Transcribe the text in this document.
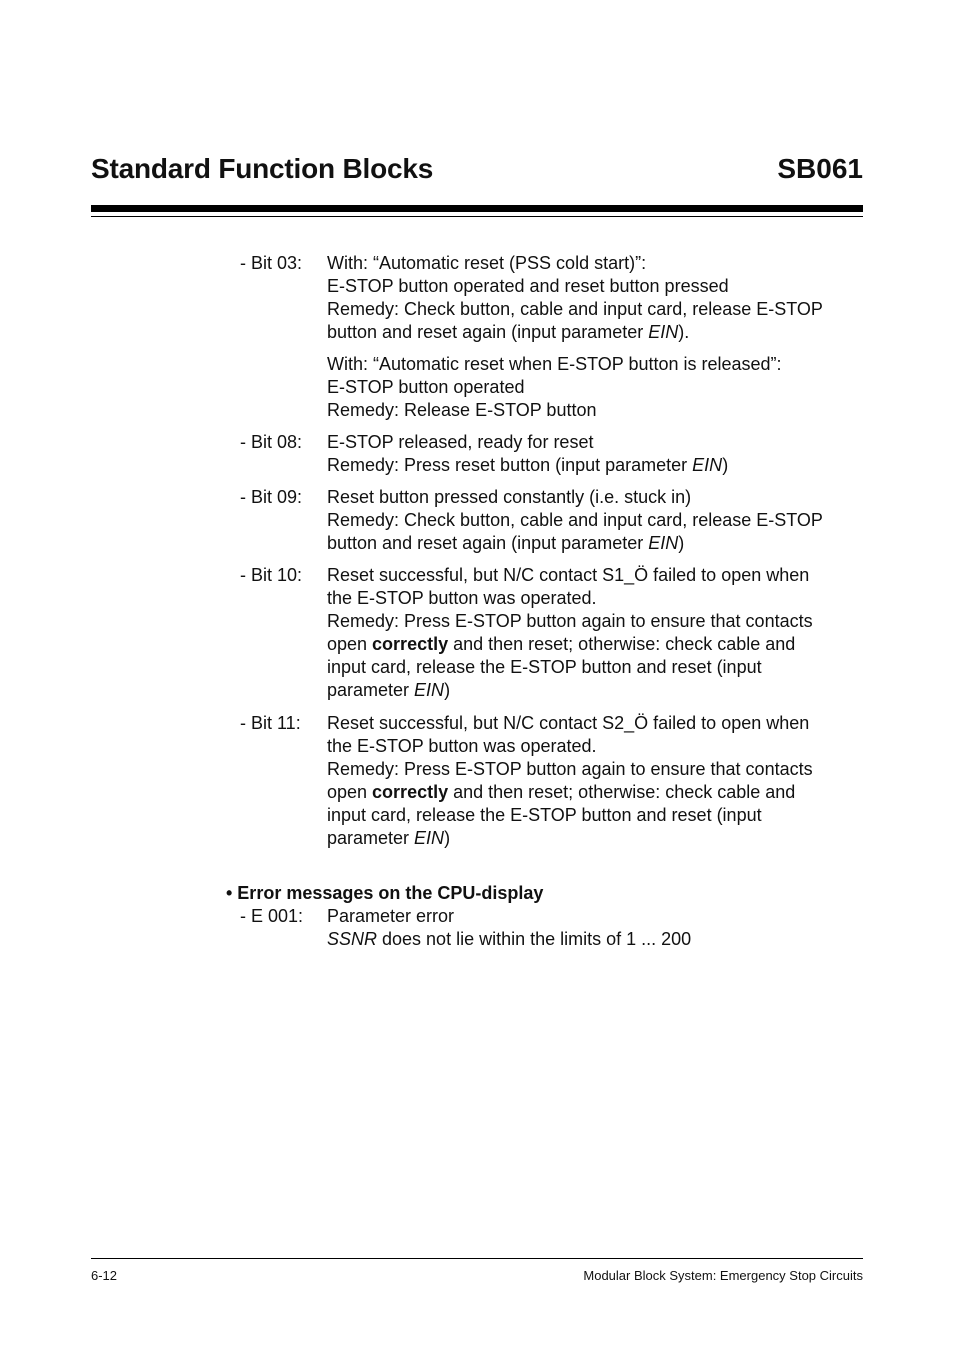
Standard Function Blocks	SB061
- Bit 03: With: “Automatic reset (PSS cold start)”:

E-STOP button operated and reset button pressed

Remedy: Check button, cable and input card, release E-STOP

button and reset again (input parameter EIN).

With: “Automatic reset when E-STOP button is released”:

E-STOP button operated

Remedy: Release E-STOP button

- Bit 08: E-STOP released, ready for reset

Remedy: Press reset button (input parameter EIN)

- Bit 09: Reset button pressed constantly (i.e. stuck in)

Remedy: Check button, cable and input card, release E-STOP

button and reset again (input parameter EIN)

- Bit 10: Reset successful, but N/C contact S1_Ö failed to open when

the E-STOP button was operated.

Remedy: Press E-STOP button again to ensure that contacts

open correctly and then reset; otherwise: check cable and

input card, release the E-STOP button and reset (input

parameter EIN)

- Bit 11: Reset successful, but N/C contact S2_Ö failed to open when

the E-STOP button was operated.

Remedy: Press E-STOP button again to ensure that contacts

open correctly and then reset; otherwise: check cable and

input card, release the E-STOP button and reset (input

parameter EIN)

• Error messages on the CPU-display
- E 001: Parameter error

SSNR does not lie within the limits of 1 ... 200

6-12	Modular Block System: Emergency Stop Circuits
